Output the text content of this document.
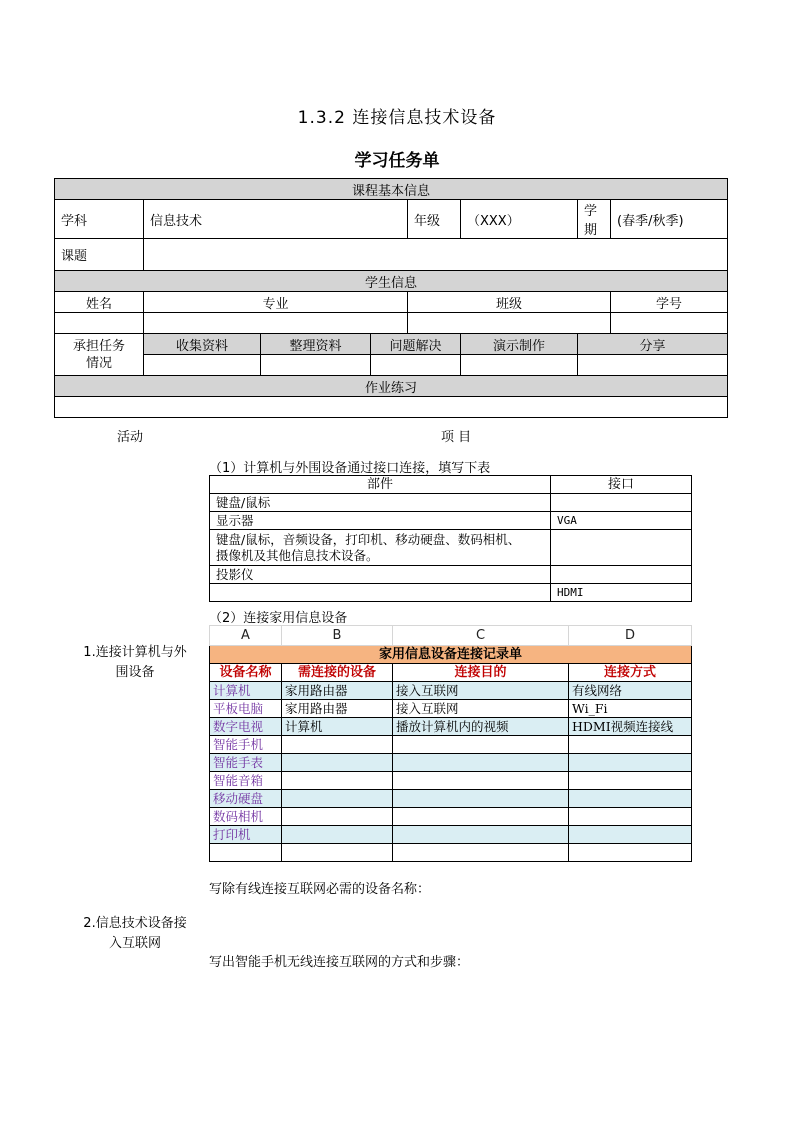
1.3.2 连接信息技术设备
学习任务单
课程基本信息
学科	信息技术	年级	（XXX）	学期	(春季/秋季)
课题	
学生信息
姓名	专业	班级	学号

承担任务
情况	收集资料	整理资料	问题解决	演示制作	分享

作业练习

活动	项 目
（1）计算机与外围设备通过接口连接，填写下表
部件	接口
键盘/鼠标	
显示器	VGA
键盘/鼠标，音频设备，打印机、移动硬盘、数码相机、
摄像机及其他信息技术设备。	
投影仪	
	HDMI
（2）连接家用信息设备
1.连接计算机与外
围设备
A	B	C	D
家用信息设备连接记录单
设备名称	需连接的设备	连接目的	连接方式
计算机	家用路由器	接入互联网	有线网络
平板电脑	家用路由器	接入互联网	Wi_Fi
数字电视	计算机	播放计算机内的视频	HDMI视频连接线
智能手机			
智能手表			
智能音箱			
移动硬盘			
数码相机			
打印机			

写除有线连接互联网必需的设备名称：
2.信息技术设备接
入互联网
写出智能手机无线连接互联网的方式和步骤：
